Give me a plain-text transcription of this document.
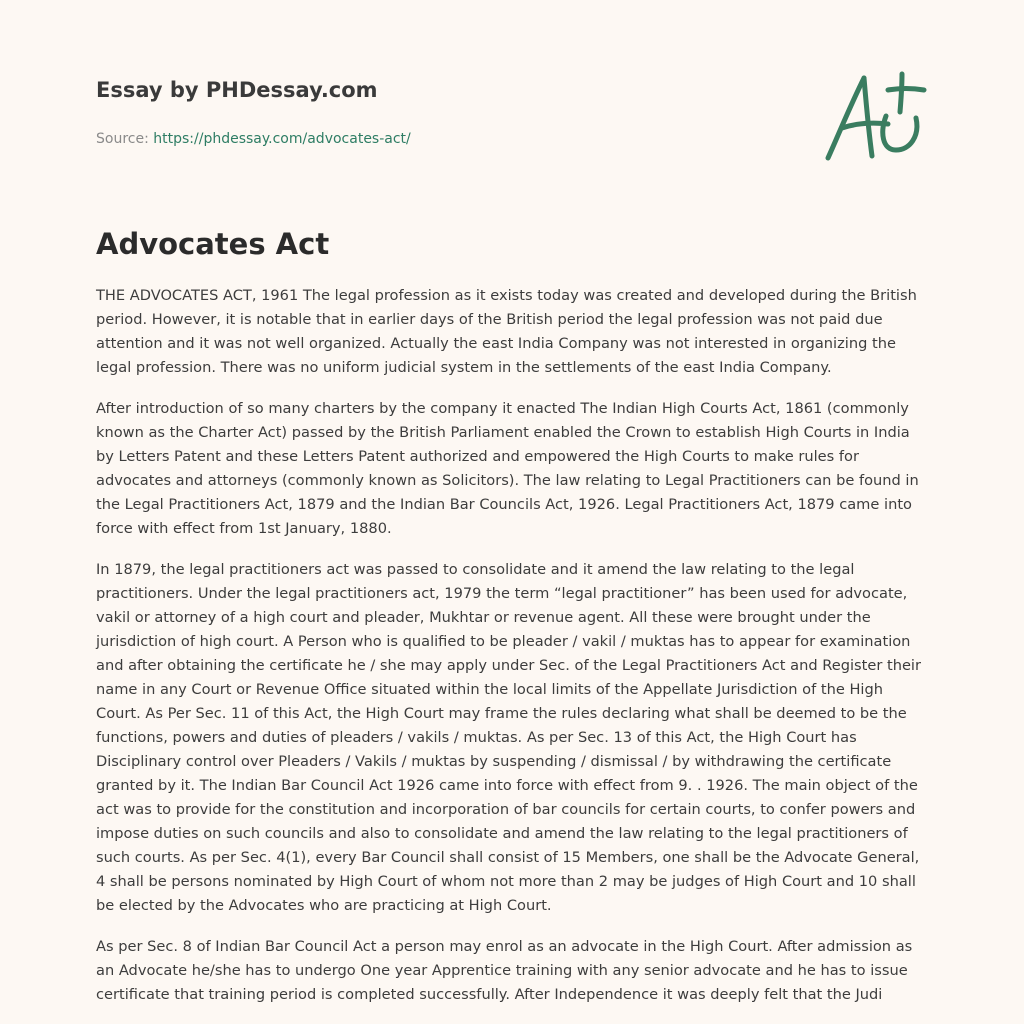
Essay by PHDessay.com
Source: https://phdessay.com/advocates-act/
Advocates Act

THE ADVOCATES ACT, 1961 The legal profession as it exists today was created and developed during the British period. However, it is notable that in earlier days of the British period the legal profession was not paid due attention and it was not well organized. Actually the east India Company was not interested in organizing the legal profession. There was no uniform judicial system in the settlements of the east India Company.

After introduction of so many charters by the company it enacted The Indian High Courts Act, 1861 (commonly known as the Charter Act) passed by the British Parliament enabled the Crown to establish High Courts in India by Letters Patent and these Letters Patent authorized and empowered the High Courts to make rules for advocates and attorneys (commonly known as Solicitors). The law relating to Legal Practitioners can be found in the Legal Practitioners Act, 1879 and the Indian Bar Councils Act, 1926. Legal Practitioners Act, 1879 came into force with effect from 1st January, 1880.

In 1879, the legal practitioners act was passed to consolidate and it amend the law relating to the legal practitioners. Under the legal practitioners act, 1979 the term “legal practitioner” has been used for advocate, vakil or attorney of a high court and pleader, Mukhtar or revenue agent. All these were brought under the jurisdiction of high court. A Person who is qualified to be pleader / vakil / muktas has to appear for examination and after obtaining the certificate he / she may apply under Sec. of the Legal Practitioners Act and Register their name in any Court or Revenue Office situated within the local limits of the Appellate Jurisdiction of the High Court. As Per Sec. 11 of this Act, the High Court may frame the rules declaring what shall be deemed to be the functions, powers and duties of pleaders / vakils / muktas. As per Sec. 13 of this Act, the High Court has Disciplinary control over Pleaders / Vakils / muktas by suspending / dismissal / by withdrawing the certificate granted by it. The Indian Bar Council Act 1926 came into force with effect from 9. . 1926. The main object of the act was to provide for the constitution and incorporation of bar councils for certain courts, to confer powers and impose duties on such councils and also to consolidate and amend the law relating to the legal practitioners of such courts. As per Sec. 4(1), every Bar Council shall consist of 15 Members, one shall be the Advocate General, 4 shall be persons nominated by High Court of whom not more than 2 may be judges of High Court and 10 shall be elected by the Advocates who are practicing at High Court.

As per Sec. 8 of Indian Bar Council Act a person may enrol as an advocate in the High Court. After admission as an Advocate he/she has to undergo One year Apprentice training with any senior advocate and he has to issue certificate that training period is completed successfully. After Independence it was deeply felt that the Judi
